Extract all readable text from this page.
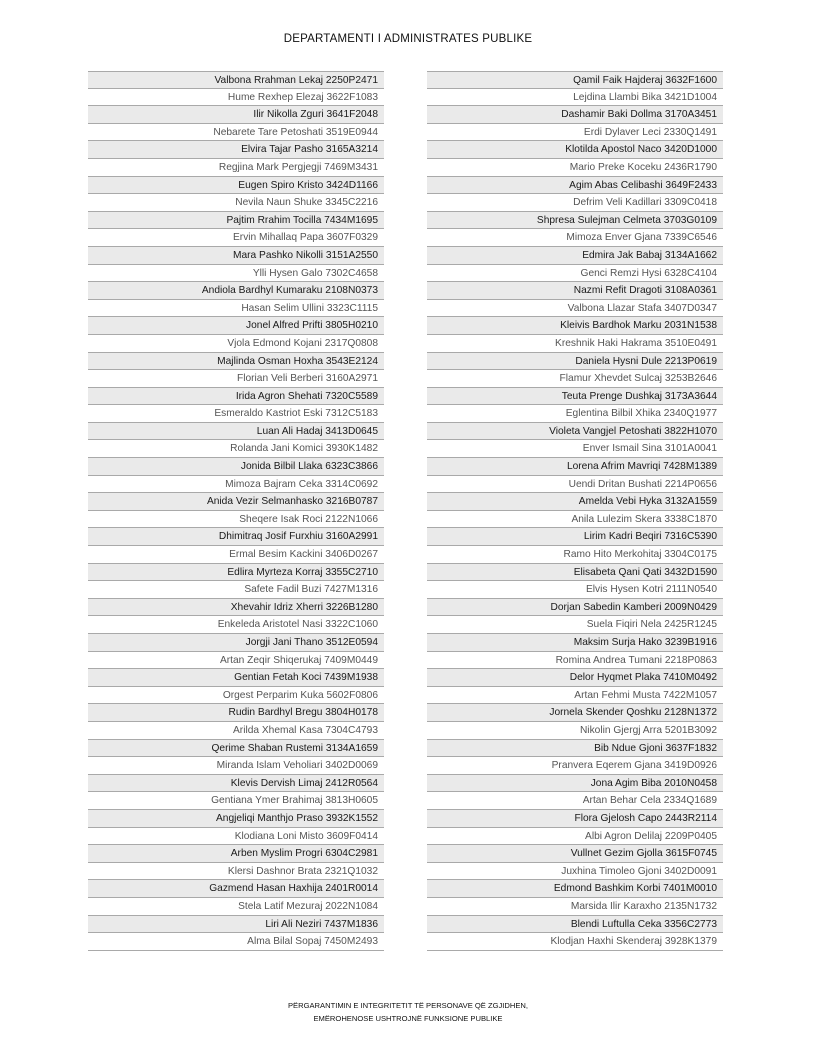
DEPARTAMENTI I ADMINISTRATES PUBLIKE
Valbona Rrahman Lekaj 2250P2471
Hume Rexhep Elezaj 3622F1083
Ilir Nikolla Zguri 3641F2048
Nebarete Tare Petoshati 3519E0944
Elvira Tajar Pasho 3165A3214
Regjina Mark Pergjegji 7469M3431
Eugen Spiro Kristo 3424D1166
Nevila Naun Shuke 3345C2216
Pajtim Rrahim Tocilla 7434M1695
Ervin Mihallaq Papa 3607F0329
Mara Pashko Nikolli 3151A2550
Ylli Hysen Galo 7302C4658
Andiola Bardhyl Kumaraku 2108N0373
Hasan Selim Ullini 3323C1115
Jonel Alfred Prifti 3805H0210
Vjola Edmond Kojani 2317Q0808
Majlinda Osman Hoxha 3543E2124
Florian Veli Berberi 3160A2971
Irida Agron Shehati 7320C5589
Esmeraldo Kastriot Eski 7312C5183
Luan Ali Hadaj 3413D0645
Rolanda Jani Komici 3930K1482
Jonida Bilbil Llaka 6323C3866
Mimoza Bajram Ceka 3314C0692
Anida Vezir Selmanhasko 3216B0787
Sheqere Isak Roci 2122N1066
Dhimitraq Josif Furxhiu 3160A2991
Ermal Besim Kackini 3406D0267
Edlira Myrteza Korraj 3355C2710
Safete Fadil Buzi 7427M1316
Xhevahir Idriz Xherri 3226B1280
Enkeleda Aristotel Nasi 3322C1060
Jorgji Jani Thano 3512E0594
Artan Zeqir Shiqerukaj 7409M0449
Gentian Fetah Koci 7439M1938
Orgest Perparim Kuka 5602F0806
Rudin Bardhyl Bregu 3804H0178
Arilda Xhemal Kasa 7304C4793
Qerime Shaban Rustemi 3134A1659
Miranda Islam Veholiari 3402D0069
Klevis Dervish Limaj 2412R0564
Gentiana Ymer Brahimaj 3813H0605
Angjeliqi Manthjo Praso 3932K1552
Klodiana Loni Misto 3609F0414
Arben Myslim Progri 6304C2981
Klersi Dashnor Brata 2321Q1032
Gazmend Hasan Haxhija 2401R0014
Stela Latif Mezuraj 2022N1084
Liri Ali Neziri 7437M1836
Alma Bilal Sopaj 7450M2493
Qamil Faik Hajderaj 3632F1600
Lejdina Llambi Bika 3421D1004
Dashamir Baki Dollma 3170A3451
Erdi Dylaver Leci 2330Q1491
Klotilda Apostol Naco 3420D1000
Mario Preke Koceku 2436R1790
Agim Abas Celibashi 3649F2433
Defrim Veli Kadillari 3309C0418
Shpresa Sulejman Celmeta 3703G0109
Mimoza Enver Gjana 7339C6546
Edmira Jak Babaj 3134A1662
Genci Remzi Hysi 6328C4104
Nazmi Refit Dragoti 3108A0361
Valbona Llazar Stafa 3407D0347
Kleivis Bardhok Marku 2031N1538
Kreshnik Haki Hakrama 3510E0491
Daniela Hysni Dule 2213P0619
Flamur Xhevdet Sulcaj 3253B2646
Teuta Prenge Dushkaj 3173A3644
Eglentina Bilbil Xhika 2340Q1977
Violeta Vangjel Petoshati 3822H1070
Enver Ismail Sina 3101A0041
Lorena Afrim Mavriqi 7428M1389
Uendi Dritan Bushati 2214P0656
Amelda Vebi Hyka 3132A1559
Anila Lulezim Skera 3338C1870
Lirim Kadri Beqiri 7316C5390
Ramo Hito Merkohitaj 3304C0175
Elisabeta Qani Qati 3432D1590
Elvis Hysen Kotri 2111N0540
Dorjan Sabedin Kamberi 2009N0429
Suela Fiqiri Nela 2425R1245
Maksim Surja Hako 3239B1916
Romina Andrea Tumani 2218P0863
Delor Hyqmet Plaka 7410M0492
Artan Fehmi Musta 7422M1057
Jornela Skender Qoshku 2128N1372
Nikolin Gjergj Arra 5201B3092
Bib Ndue Gjoni 3637F1832
Pranvera Eqerem Gjana 3419D0926
Jona Agim Biba 2010N0458
Artan Behar Cela 2334Q1689
Flora Gjelosh Capo 2443R2114
Albi Agron Delilaj 2209P0405
Vullnet Gezim Gjolla 3615F0745
Juxhina Timoleo Gjoni 3402D0091
Edmond Bashkim Korbi 7401M0010
Marsida Ilir Karaxho 2135N1732
Blendi Luftulla Ceka 3356C2773
Klodjan Haxhi Skenderaj 3928K1379
PËRGARANTIMIN E INTEGRITETIT TË PERSONAVE QË ZGJIDHEN,
EMËROHENOSE USHTROJNË FUNKSIONE PUBLIKE
